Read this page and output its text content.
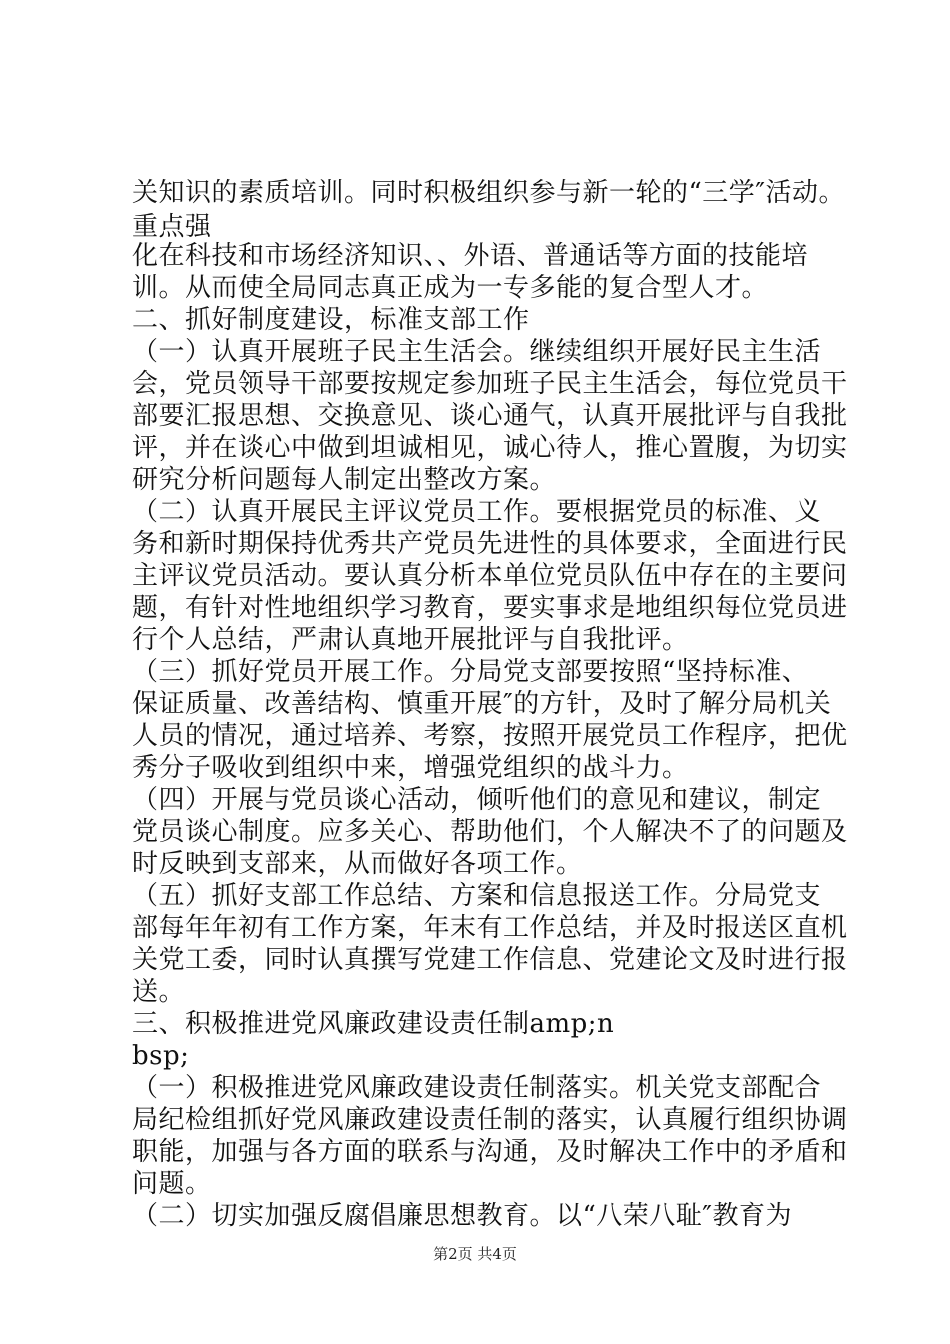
关知识的素质培训。同时积极组织参与新一轮的“三学″活动。
重点强
化在科技和市场经济知识、、外语、普通话等方面的技能培
训。从而使全局同志真正成为一专多能的复合型人才。
二、抓好制度建设，标准支部工作
（一）认真开展班子民主生活会。继续组织开展好民主生活
会，党员领导干部要按规定参加班子民主生活会，每位党员干
部要汇报思想、交换意见、谈心通气，认真开展批评与自我批
评，并在谈心中做到坦诚相见，诚心待人，推心置腹，为切实
研究分析问题每人制定出整改方案。
（二）认真开展民主评议党员工作。要根据党员的标准、义
务和新时期保持优秀共产党员先进性的具体要求，全面进行民
主评议党员活动。要认真分析本单位党员队伍中存在的主要问
题，有针对性地组织学习教育，要实事求是地组织每位党员进
行个人总结，严肃认真地开展批评与自我批评。
（三）抓好党员开展工作。分局党支部要按照“坚持标准、
保证质量、改善结构、慎重开展″的方针，及时了解分局机关
人员的情况，通过培养、考察，按照开展党员工作程序，把优
秀分子吸收到组织中来，增强党组织的战斗力。
（四）开展与党员谈心活动，倾听他们的意见和建议，制定
党员谈心制度。应多关心、帮助他们，个人解决不了的问题及
时反映到支部来，从而做好各项工作。
（五）抓好支部工作总结、方案和信息报送工作。分局党支
部每年年初有工作方案，年末有工作总结，并及时报送区直机
关党工委，同时认真撰写党建工作信息、党建论文及时进行报
送。
三、积极推进党风廉政建设责任制amp;n
bsp;
（一）积极推进党风廉政建设责任制落实。机关党支部配合
局纪检组抓好党风廉政建设责任制的落实，认真履行组织协调
职能，加强与各方面的联系与沟通，及时解决工作中的矛盾和
问题。
（二）切实加强反腐倡廉思想教育。以“八荣八耻″教育为
第2页 共4页
